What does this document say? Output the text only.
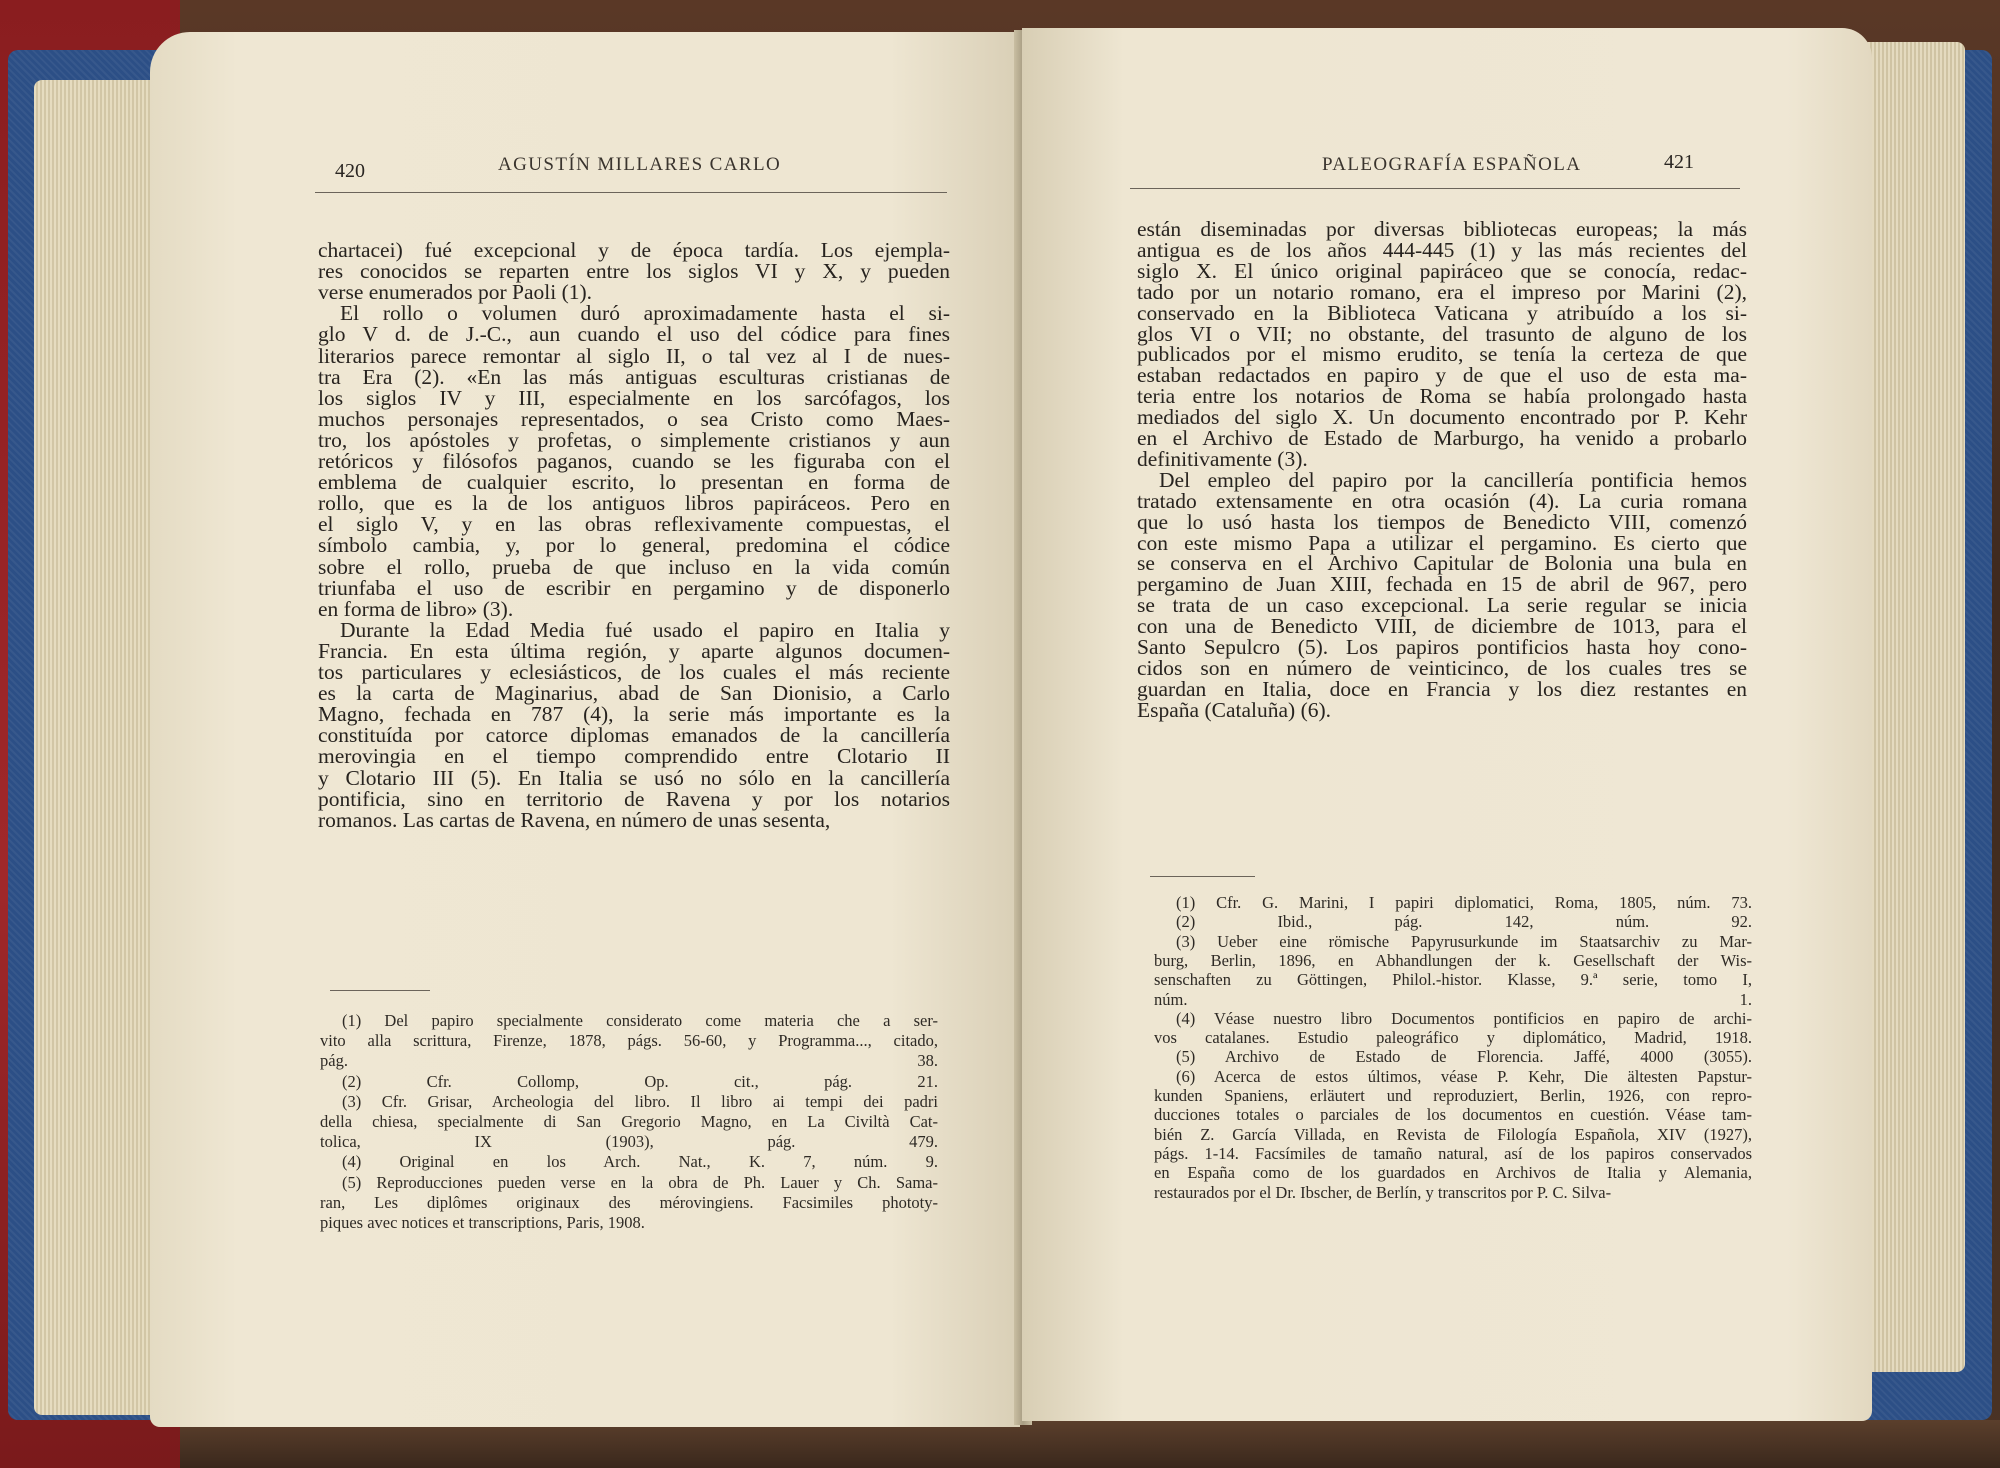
420	AGUSTÍN MILLARES CARLO
chartacei) fué excepcional y de época tardía. Los ejempla-
res conocidos se reparten entre los siglos VI y X, y pueden
verse enumerados por Paoli (1).
El rollo o volumen duró aproximadamente hasta el si-
glo V d. de J.-C., aun cuando el uso del códice para fines
literarios parece remontar al siglo II, o tal vez al I de nues-
tra Era (2). «En las más antiguas esculturas cristianas de
los siglos IV y III, especialmente en los sarcófagos, los
muchos personajes representados, o sea Cristo como Maes-
tro, los apóstoles y profetas, o simplemente cristianos y aun
retóricos y filósofos paganos, cuando se les figuraba con el
emblema de cualquier escrito, lo presentan en forma de
rollo, que es la de los antiguos libros papiráceos. Pero en
el siglo V, y en las obras reflexivamente compuestas, el
símbolo cambia, y, por lo general, predomina el códice
sobre el rollo, prueba de que incluso en la vida común
triunfaba el uso de escribir en pergamino y de disponerlo
en forma de libro» (3).
Durante la Edad Media fué usado el papiro en Italia y
Francia. En esta última región, y aparte algunos documen-
tos particulares y eclesiásticos, de los cuales el más reciente
es la carta de Maginarius, abad de San Dionisio, a Carlo
Magno, fechada en 787 (4), la serie más importante es la
constituída por catorce diplomas emanados de la cancillería
merovingia en el tiempo comprendido entre Clotario II
y Clotario III (5). En Italia se usó no sólo en la cancillería
pontificia, sino en territorio de Ravena y por los notarios
romanos. Las cartas de Ravena, en número de unas sesenta,
(1) Del papiro specialmente considerato come materia che a ser-
vito alla scrittura, Firenze, 1878, págs. 56-60, y Programma..., citado,
pág. 38.
(2) Cfr. Collomp, Op. cit., pág. 21.
(3) Cfr. Grisar, Archeologia del libro. Il libro ai tempi dei padri
della chiesa, specialmente di San Gregorio Magno, en La Civiltà Cat-
tolica, IX (1903), pág. 479.
(4) Original en los Arch. Nat., K. 7, núm. 9.
(5) Reproducciones pueden verse en la obra de Ph. Lauer y Ch. Sama-
ran, Les diplômes originaux des mérovingiens. Facsimiles phototy-
piques avec notices et transcriptions, Paris, 1908.
PALEOGRAFÍA ESPAÑOLA	421
están diseminadas por diversas bibliotecas europeas; la más
antigua es de los años 444-445 (1) y las más recientes del
siglo X. El único original papiráceo que se conocía, redac-
tado por un notario romano, era el impreso por Marini (2),
conservado en la Biblioteca Vaticana y atribuído a los si-
glos VI o VII; no obstante, del trasunto de alguno de los
publicados por el mismo erudito, se tenía la certeza de que
estaban redactados en papiro y de que el uso de esta ma-
teria entre los notarios de Roma se había prolongado hasta
mediados del siglo X. Un documento encontrado por P. Kehr
en el Archivo de Estado de Marburgo, ha venido a probarlo
definitivamente (3).
Del empleo del papiro por la cancillería pontificia hemos
tratado extensamente en otra ocasión (4). La curia romana
que lo usó hasta los tiempos de Benedicto VIII, comenzó
con este mismo Papa a utilizar el pergamino. Es cierto que
se conserva en el Archivo Capitular de Bolonia una bula en
pergamino de Juan XIII, fechada en 15 de abril de 967, pero
se trata de un caso excepcional. La serie regular se inicia
con una de Benedicto VIII, de diciembre de 1013, para el
Santo Sepulcro (5). Los papiros pontificios hasta hoy cono-
cidos son en número de veinticinco, de los cuales tres se
guardan en Italia, doce en Francia y los diez restantes en
España (Cataluña) (6).
(1) Cfr. G. Marini, I papiri diplomatici, Roma, 1805, núm. 73.
(2) Ibid., pág. 142, núm. 92.
(3) Ueber eine römische Papyrusurkunde im Staatsarchiv zu Mar-
burg, Berlin, 1896, en Abhandlungen der k. Gesellschaft der Wis-
senschaften zu Göttingen, Philol.-histor. Klasse, 9.ª serie, tomo I,
núm. 1.
(4) Véase nuestro libro Documentos pontificios en papiro de archi-
vos catalanes. Estudio paleográfico y diplomático, Madrid, 1918.
(5) Archivo de Estado de Florencia. Jaffé, 4000 (3055).
(6) Acerca de estos últimos, véase P. Kehr, Die ältesten Papstur-
kunden Spaniens, erläutert und reproduziert, Berlin, 1926, con repro-
ducciones totales o parciales de los documentos en cuestión. Véase tam-
bién Z. García Villada, en Revista de Filología Española, XIV (1927),
págs. 1-14. Facsímiles de tamaño natural, así de los papiros conservados
en España como de los guardados en Archivos de Italia y Alemania,
restaurados por el Dr. Ibscher, de Berlín, y transcritos por P. C. Silva-
